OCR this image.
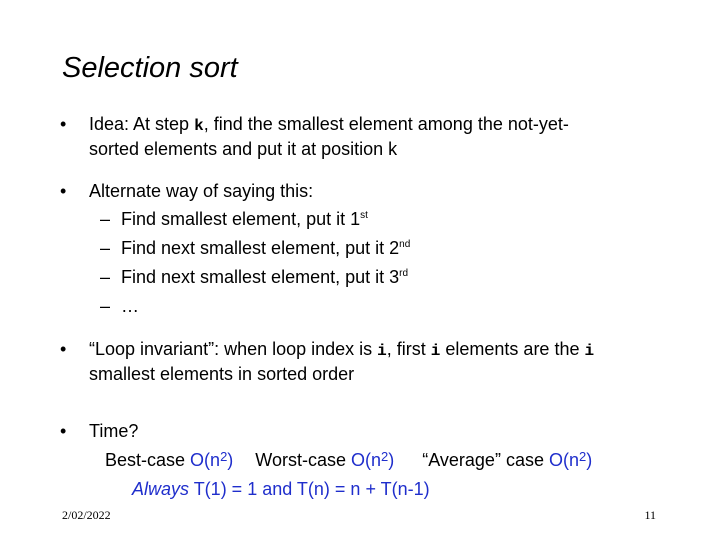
Selection sort
• Idea: At step k, find the smallest element among the not-yet-
sorted elements and put it at position k
• Alternate way of saying this:
– Find smallest element, put it 1st
– Find next smallest element, put it 2nd
– Find next smallest element, put it 3rd
– …
• “Loop invariant”: when loop index is i, first i elements are the i
smallest elements in sorted order
• Time?
Best-case $O(n^2)$ Worst-case $O(n^2)$ “Average” case $O(n^2)$
Always T(1) = 1 and T(n) = n + T(n-1)
2/02/2022	11
